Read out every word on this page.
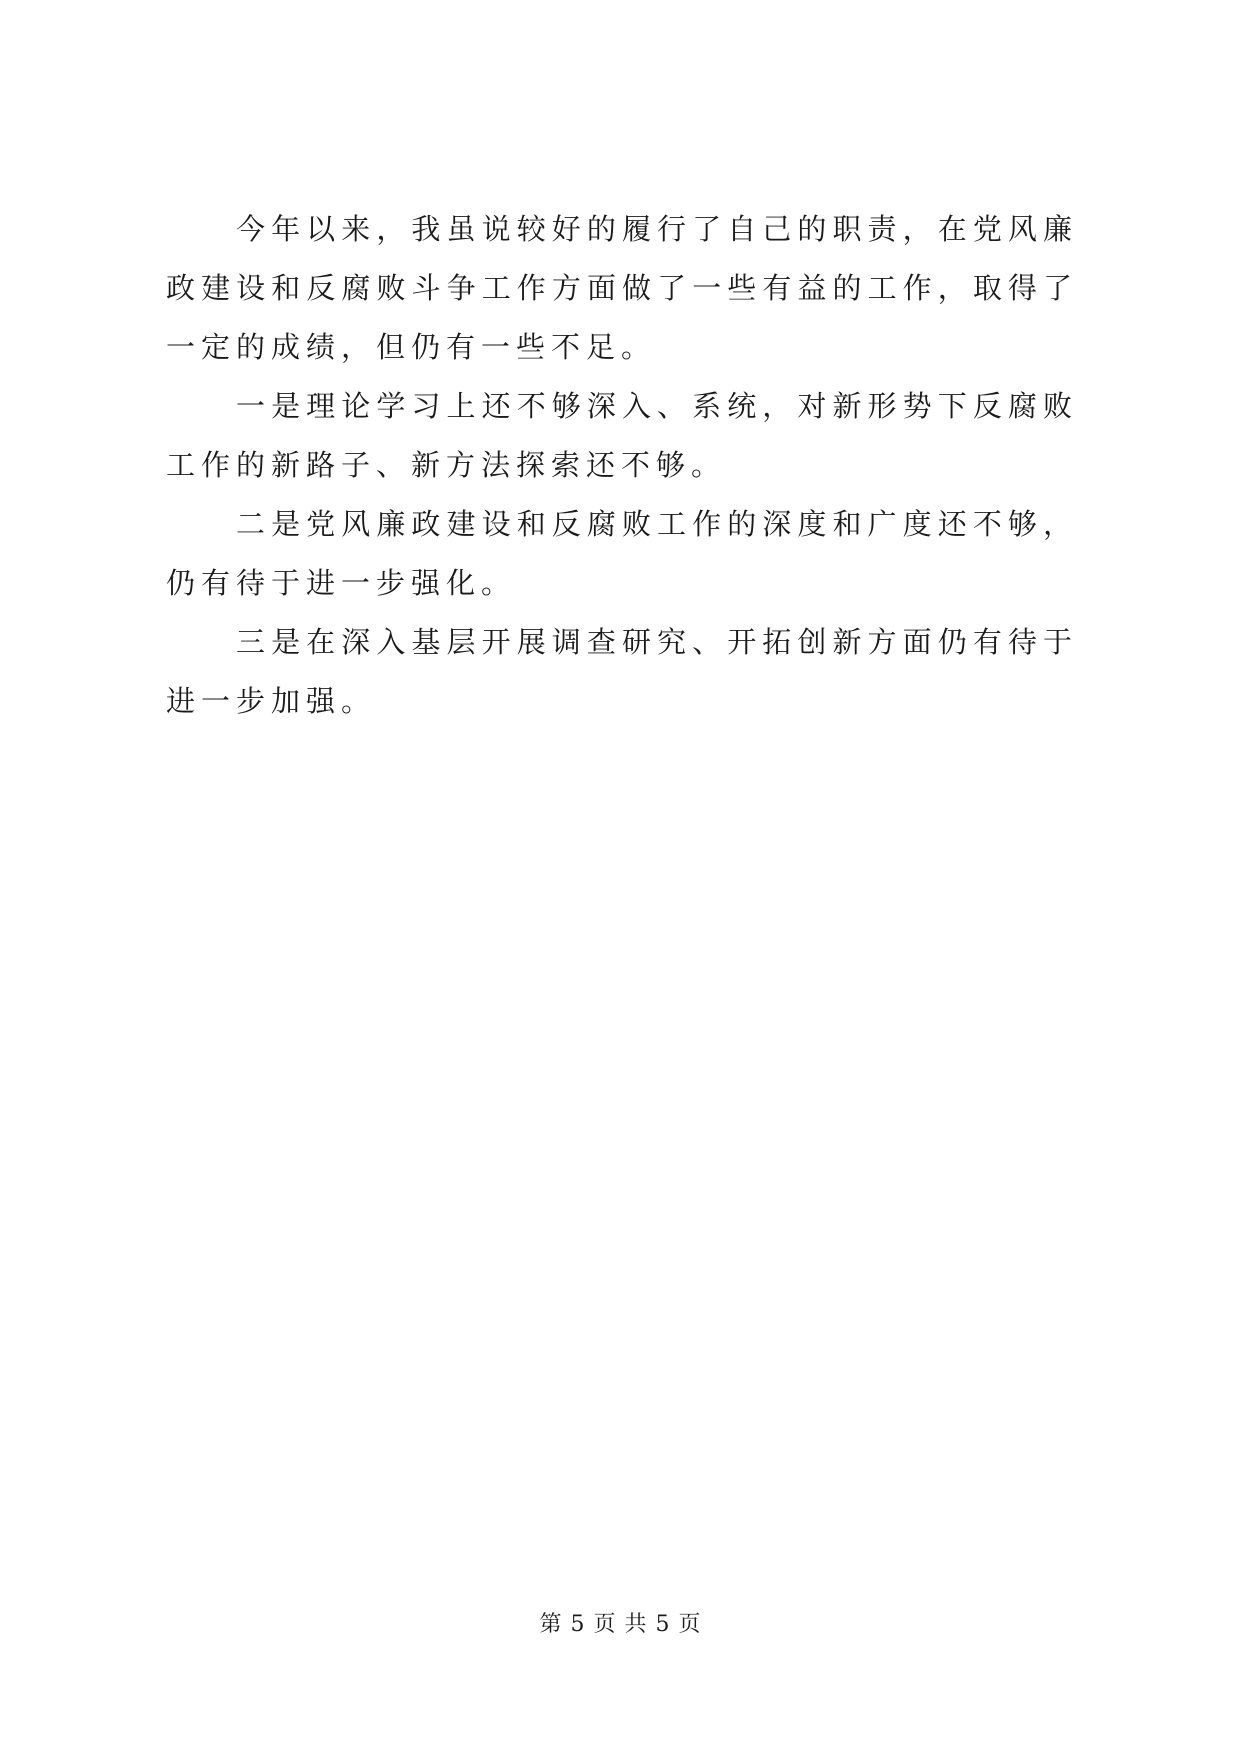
今年以来，我虽说较好的履行了自己的职责，在党风廉政建设和反腐败斗争工作方面做了一些有益的工作，取得了一定的成绩，但仍有一些不足。

一是理论学习上还不够深入、系统，对新形势下反腐败工作的新路子、新方法探索还不够。

二是党风廉政建设和反腐败工作的深度和广度还不够，仍有待于进一步强化。

三是在深入基层开展调查研究、开拓创新方面仍有待于进一步加强。

第 5 页 共 5 页
